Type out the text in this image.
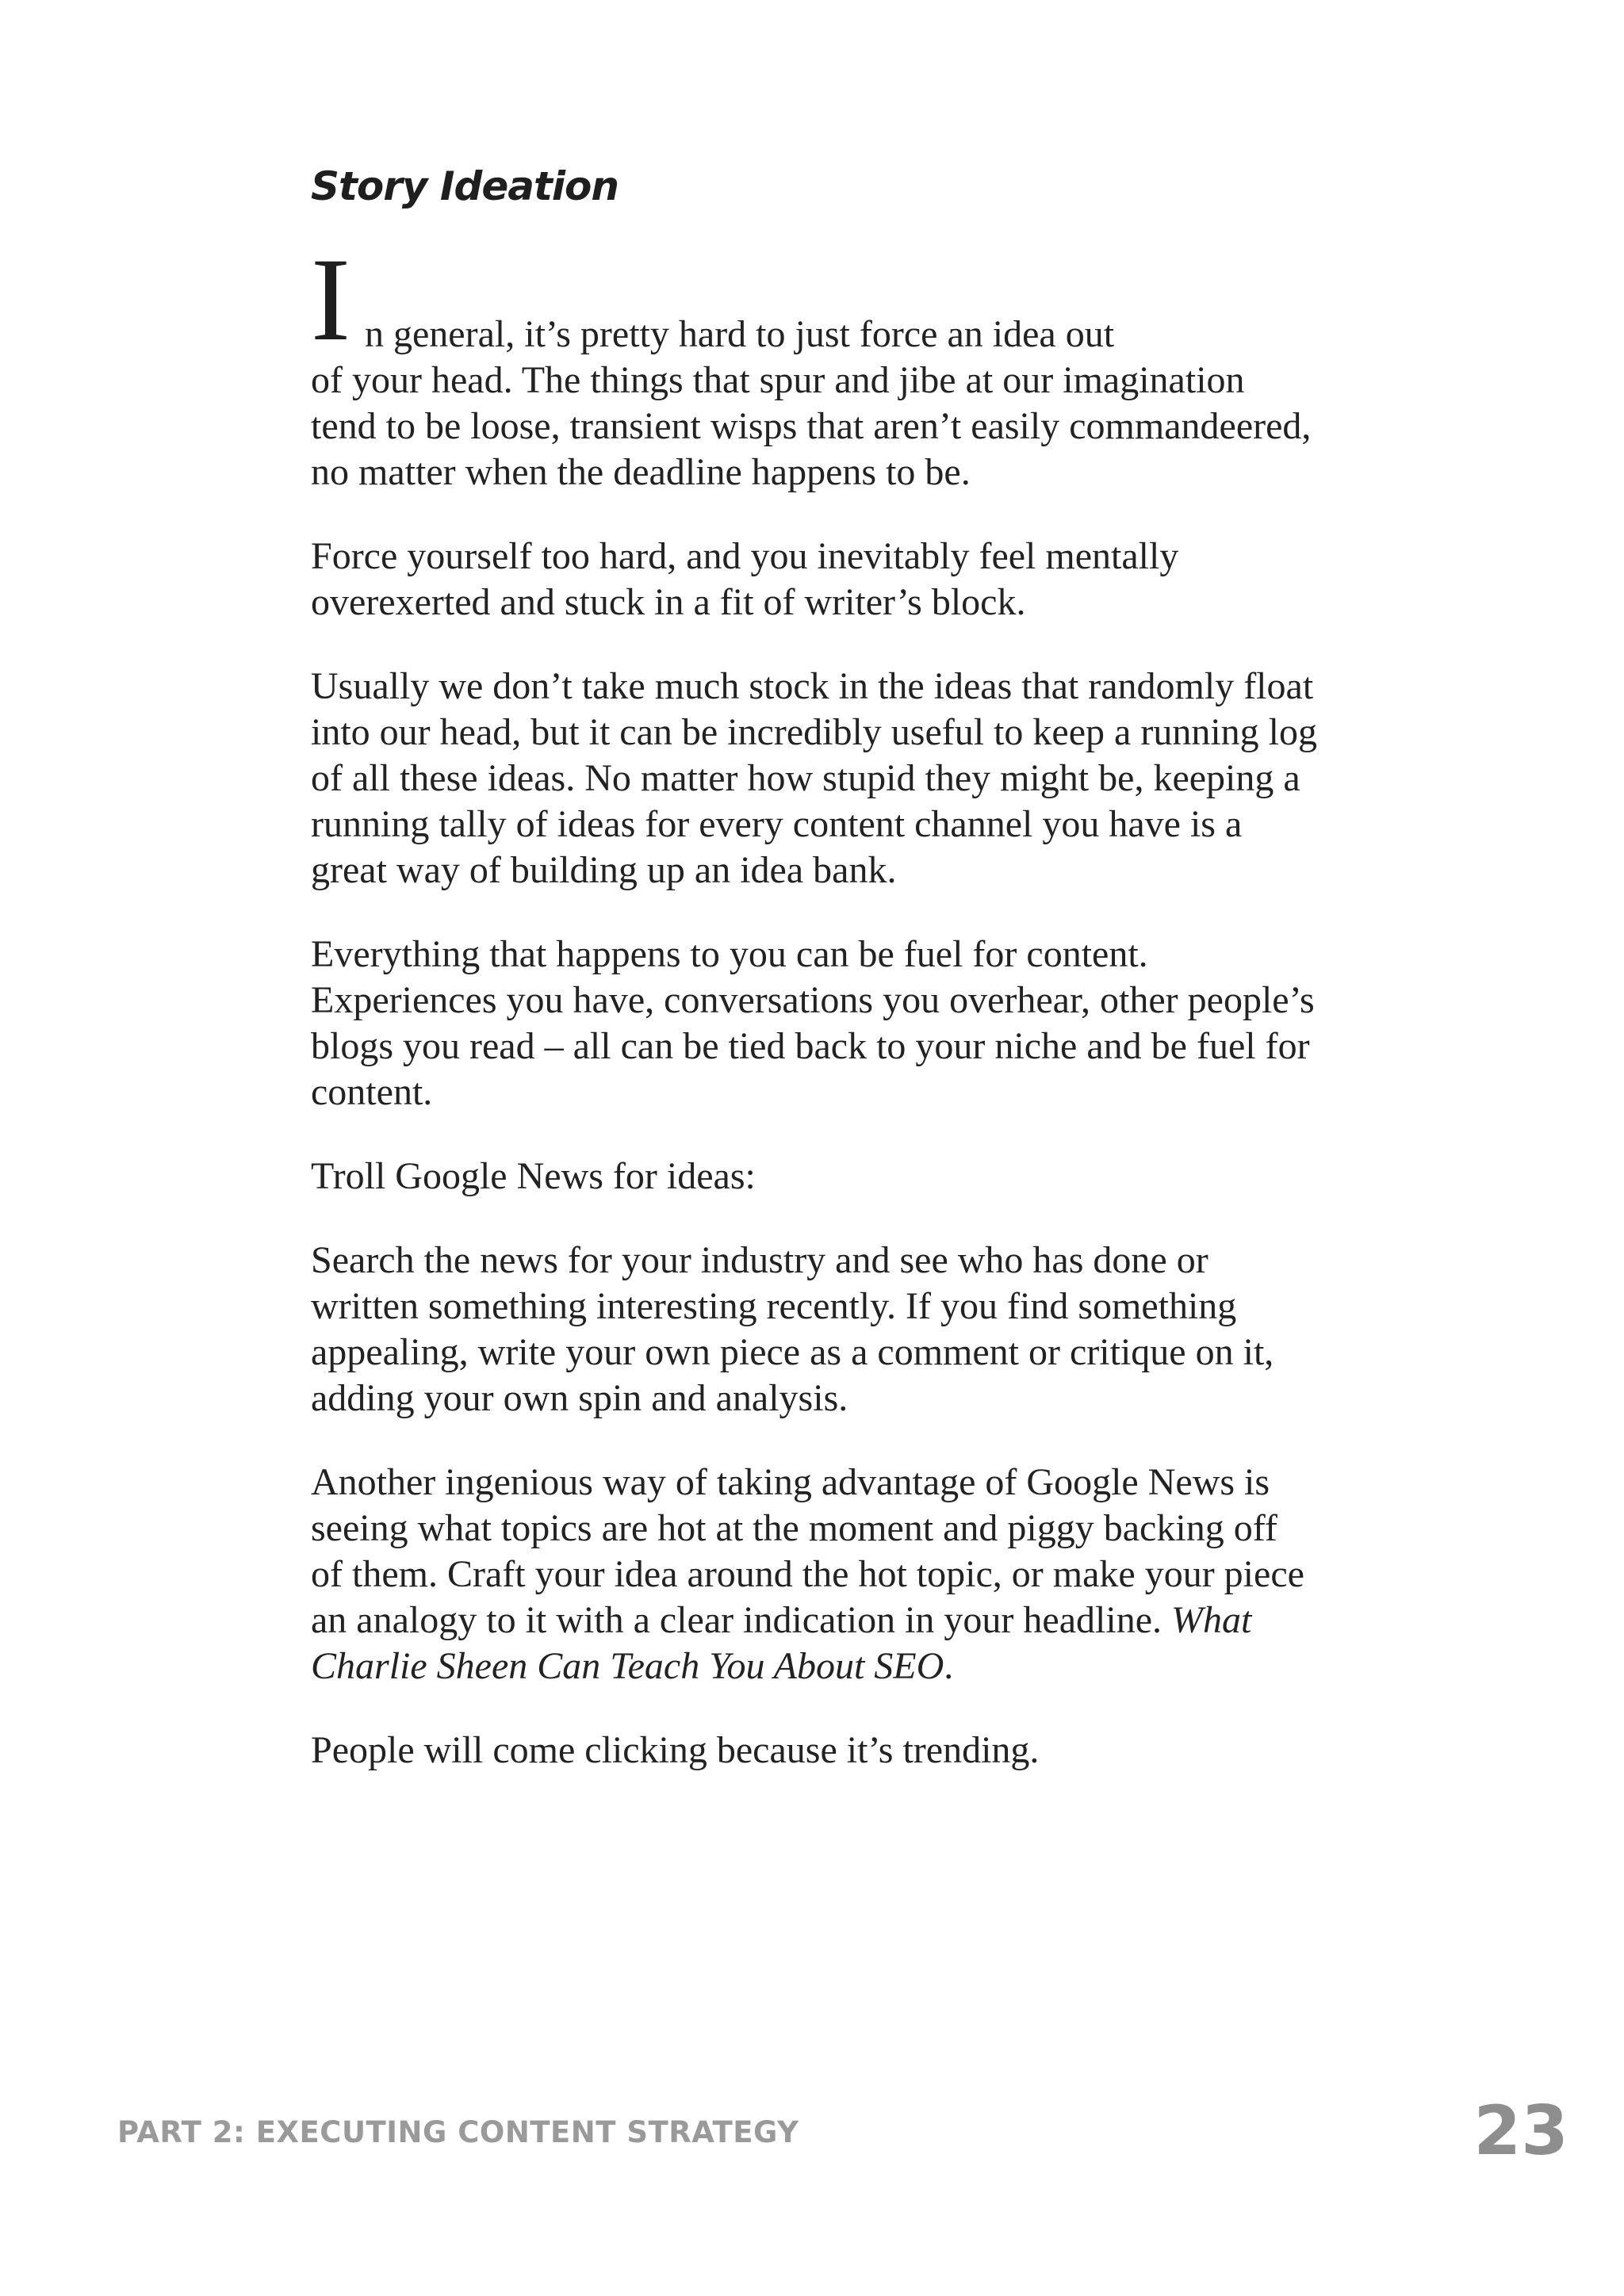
Story Ideation
I n general, it’s pretty hard to just force an idea out
of your head. The things that spur and jibe at our imagination tend to be loose, transient wisps that aren’t easily commandeered, no matter when the deadline happens to be.

Force yourself too hard, and you inevitably feel mentally overexerted and stuck in a fit of writer’s block.

Usually we don’t take much stock in the ideas that randomly float into our head, but it can be incredibly useful to keep a running log of all these ideas. No matter how stupid they might be, keeping a running tally of ideas for every content channel you have is a great way of building up an idea bank.

Everything that happens to you can be fuel for content. Experiences you have, conversations you overhear, other people’s blogs you read – all can be tied back to your niche and be fuel for content.

Troll Google News for ideas:

Search the news for your industry and see who has done or written something interesting recently. If you find something appealing, write your own piece as a comment or critique on it, adding your own spin and analysis.

Another ingenious way of taking advantage of Google News is seeing what topics are hot at the moment and piggy backing off of them. Craft your idea around the hot topic, or make your piece an analogy to it with a clear indication in your headline. What Charlie Sheen Can Teach You About SEO.

People will come clicking because it’s trending.

PART 2: EXECUTING CONTENT STRATEGY	23
